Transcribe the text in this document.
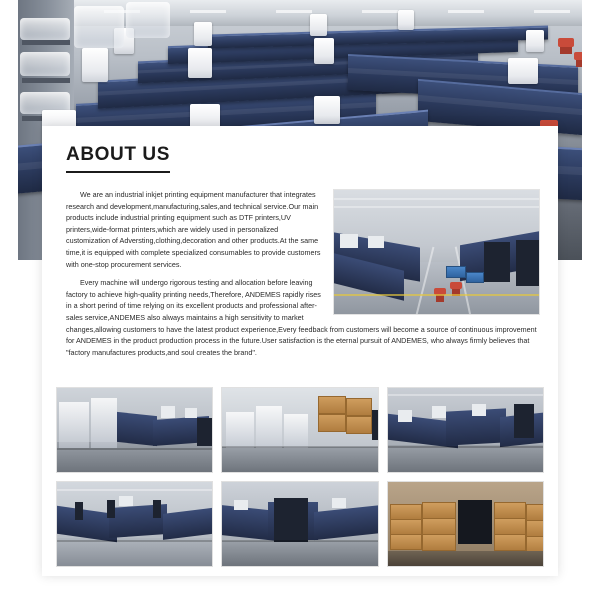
ABOUT US

We are an industrial inkjet printing equipment manufacturer that integrates research and development,manufacturing,sales,and technical service.Our main products include industrial printing equipment such as DTF printers,UV printers,wide-format printers,which are widely used in personalized customization of Adversting,clothing,decoration and other products.At the same time,it is equipped with complete specialized consumables to provide customers with one-stop procurement services.

Every machine will undergo rigorous testing and allocation before leaving factory to achieve high-quality printing needs,Therefore, ANDEMES rapidly rises in a short perind of time relying on its excellent products and professional after-sales service,ANDEMES also always maintains a high sensitivity to market changes,allowing customers to have the latest product experience,Every feedback from customers will become a source of continuous improvement for ANDEMES in the product production process in the future.User satisfaction is the eternal pursuit of ANDEMES, who always firmly believes that "factory manufactures products,and soul creates the brand".
